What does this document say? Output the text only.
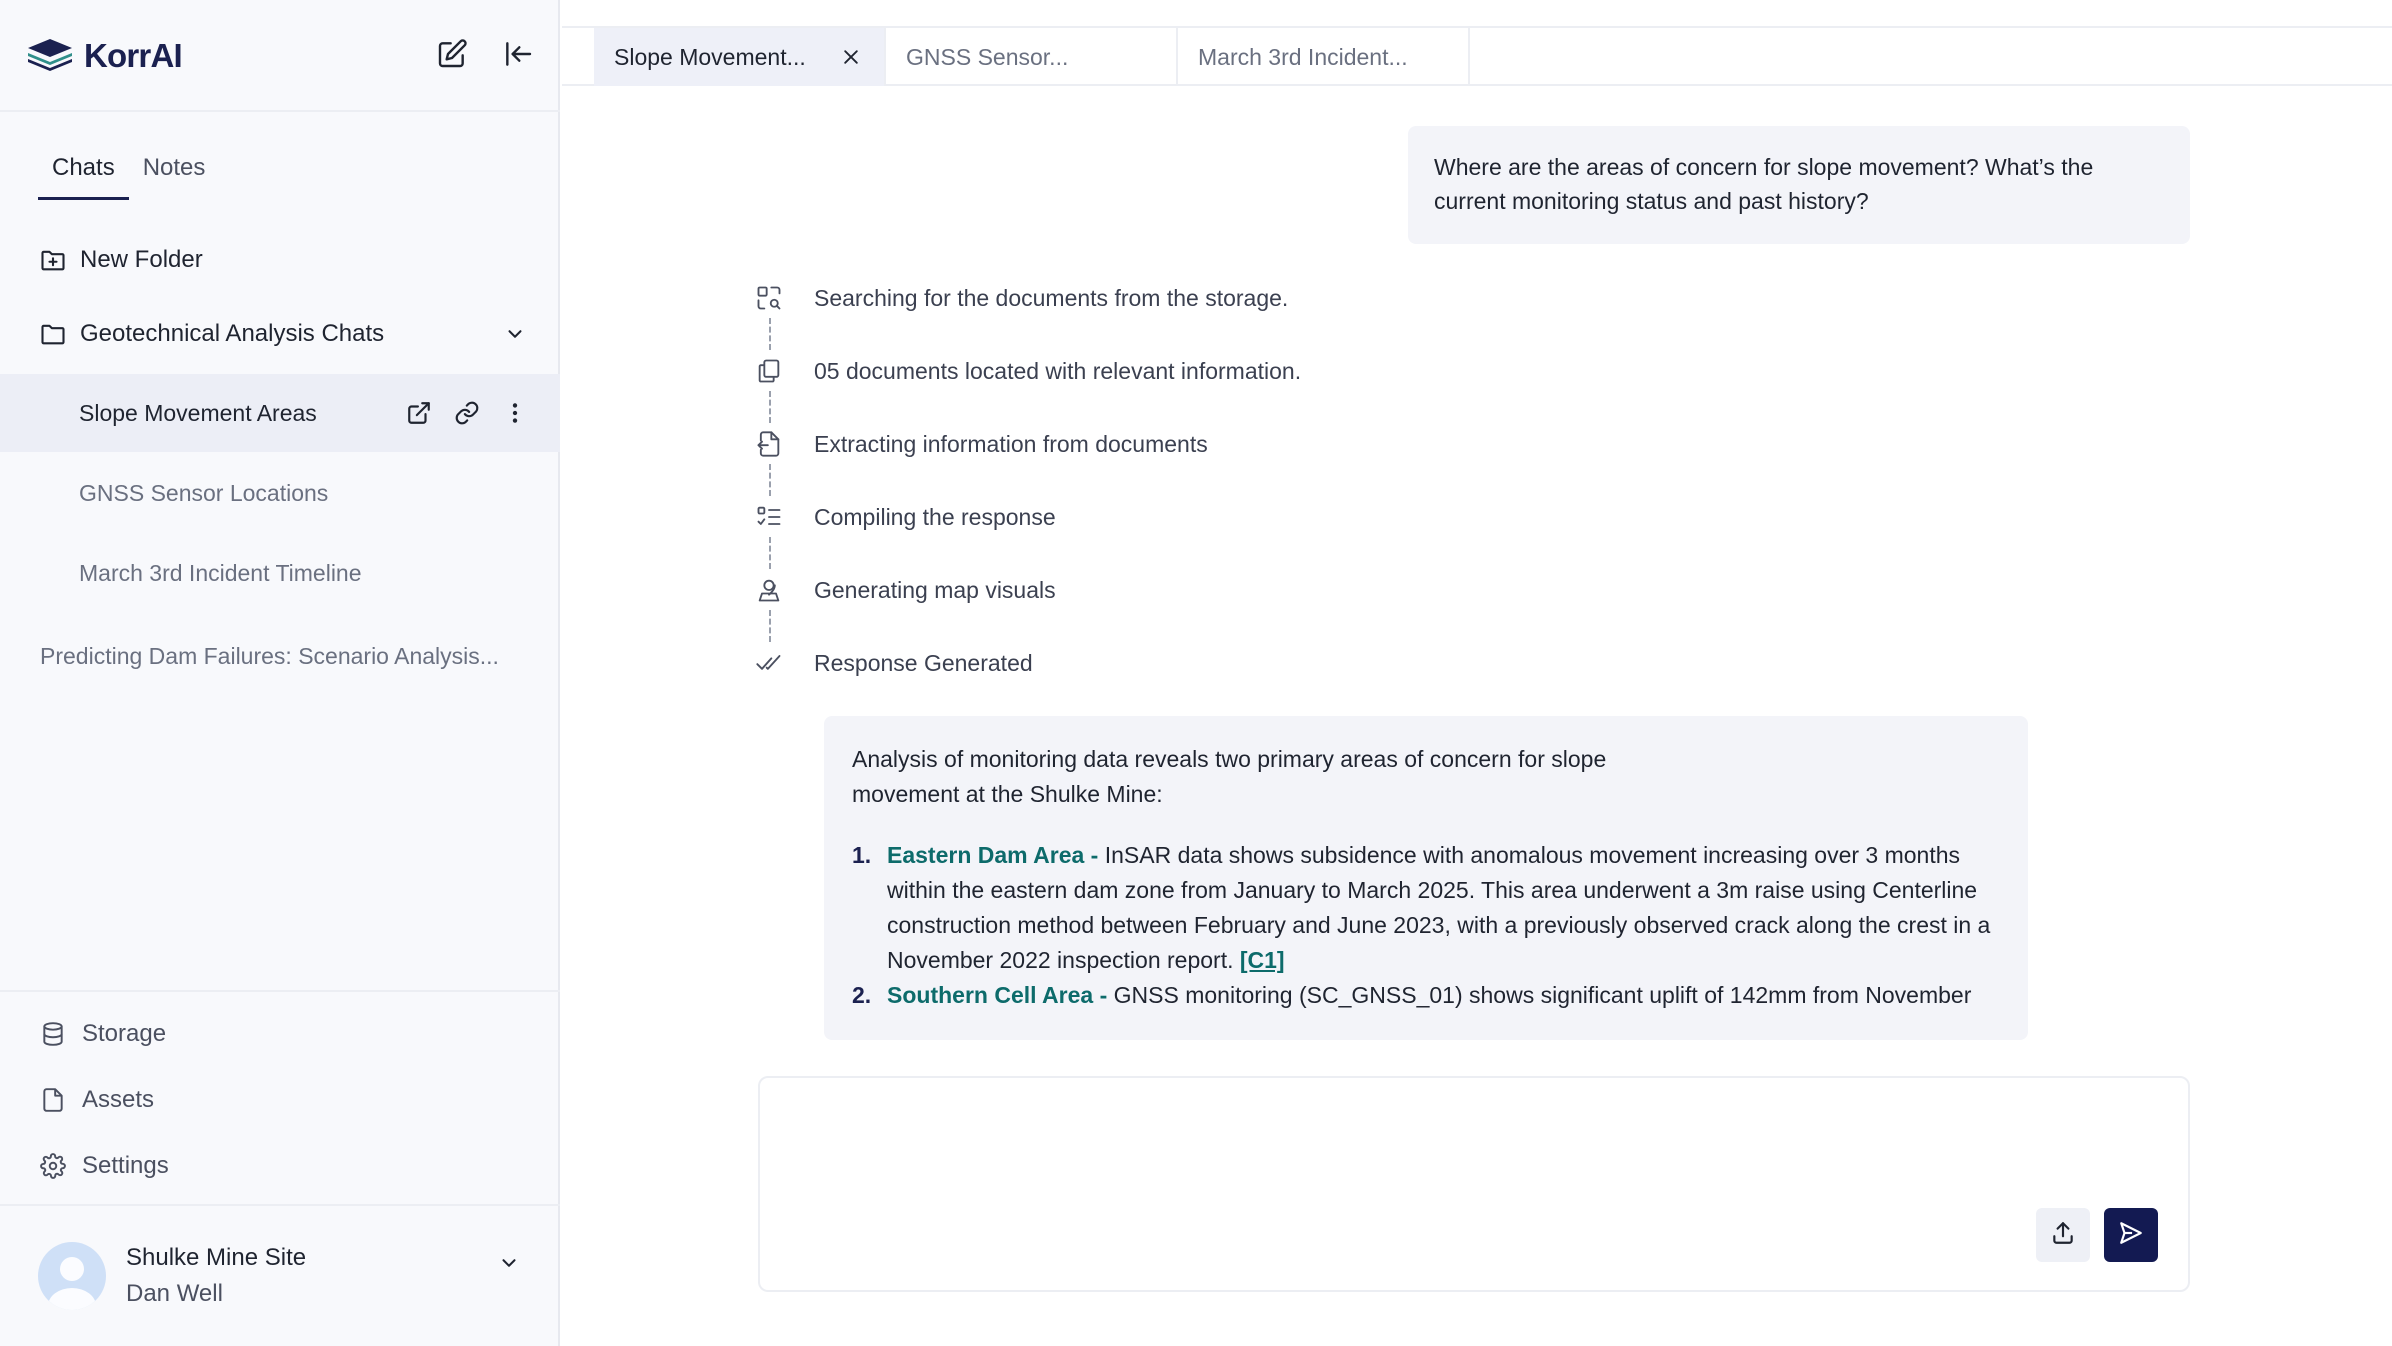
KorrAI
Chats	Notes
New Folder
Geotechnical Analysis Chats
Slope Movement Areas
GNSS Sensor Locations
March 3rd Incident Timeline
Predicting Dam Failures: Scenario Analysis...
Storage
Assets
Settings
Shulke Mine Site
Dan Well
Slope Movement...	GNSS Sensor...	March 3rd Incident...
Where are the areas of concern for slope movement? What’s the current monitoring status and past history?
Searching for the documents from the storage.
05 documents located with relevant information.
Extracting information from documents
Compiling the response
Generating map visuals
Response Generated
Analysis of monitoring data reveals two primary areas of concern for slope movement at the Shulke Mine:
1. Eastern Dam Area - InSAR data shows subsidence with anomalous movement increasing over 3 months within the eastern dam zone from January to March 2025. This area underwent a 3m raise using Centerline construction method between February and June 2023, with a previously observed crack along the crest in a November 2022 inspection report. [C1]
2. Southern Cell Area - GNSS monitoring (SC_GNSS_01) shows significant uplift of 142mm from November
